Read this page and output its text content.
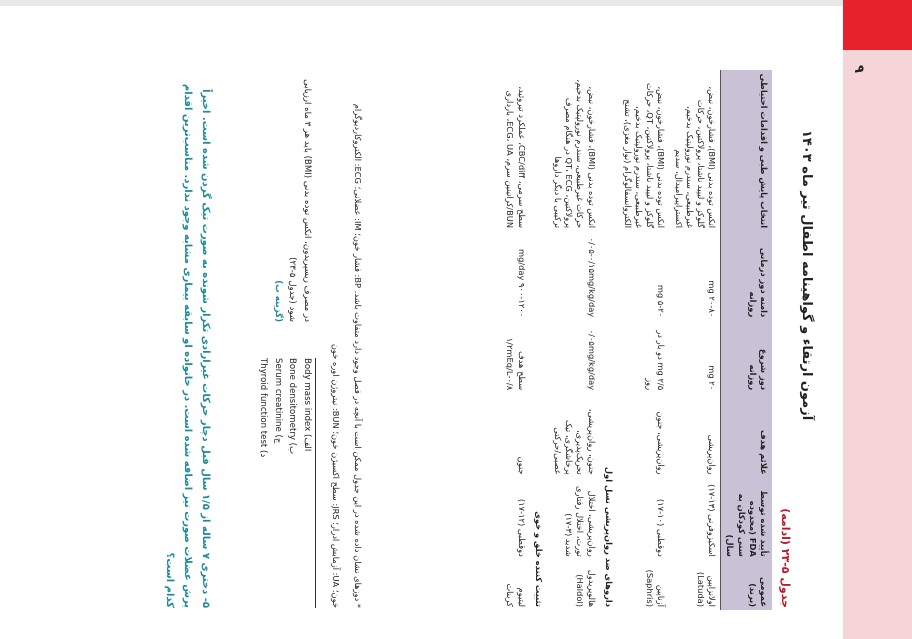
۹
آزمون ارتقاء و گواهینامه اطفال تیر ماه ۱۴۰۳
جدول ۵-۲۳ (ادامه)
عمومی (برند)	تأیید شده توسط FDA (محدوده سنی کودکان به سال)	علائم هدف	دوز شروع روزانه	دامنه دوز درمانی روزانه	انتخاب پایش طبی و اقدامات احتیاطی
اولانزاپین (Latuda)	اسکیزوفرنی (۱۳-۱۷)	روان‌پریشی	۲۰ mg	۲۰-۸۰ mg	انکس توده بدنی (BMI)، فشارخون، نبض، گلوکز و لیپید ناشتا، پرولاکتین، حرکات غیرطبیعی، سندرم نورولپتیک بدخیم، اکستراپیرامیدال، سدیم
آزناپین (Saphris)	دوقطبی (۱۰-۱۷)	روان‌پریشی، جنون	۲/۵ mg دو بار در روز	۵-۲۰ mg	انکس توده بدنی (BMI)، فشارخون، نبض، گلوکز و لیپید ناشتا، پرولاکتین، QT، حرکات غیرطبیعی، سندرم نورولپتیک بدخیم، الکتروانسفالوگرام (نوار مغزی)، تشنج
داروهای ضد روان‌پریشی نسل اول					
هالوپریدول (Haldol)	روان‌پریشی، اختلال تورت، اختلال رفتاری شدید (۳-۱۷)	جنون، روان‌پریشی، تحریک‌پذیری، پرخاشگری، تیک عصبی/حرکتی	۰/۰۵mg/kg/day	۰/۰۵-۰/۱۵mg/kg/day	انکس توده بدنی (BMI)، فشارخون، نبض، حرکات غیرطبیعی، سندرم نورولپتیک بدخیم، پرولاکتین، QT، ECG در هنگام مصرف ترکیبی با دیگر داروها
تثبیت کننده خلق و خوی					
لیتیوم کربنات	دوقطبی (۱۲-۱۷)	جنون	سطح هدف ۰/۸-۱/۲mEq/L	۹۰۰-۱۲۰۰ mg/day	سطح سرمی، CBC/diff، عملکرد تیروئید، BUN/کراتینین سرم، ECG، UA، بارداری
* دوزهای نشان داده شده در این جدول ممکن است با آنچه در فصل وجود دارد متفاوت باشد. BP: فشار خون؛ IM: عضلانی؛ ECG: الکتروکاردیوگرام
خون؛ UA: آزمایش ادرار؛ JRS: سطح اکسیژن خون؛ BUN: نیتروژن اوره خون
Body mass index (الف
Bone densitometry (ب
Serum creatinine (ج
Thyroid function test (د
در مصرف ریسپریدون، انکس توده بدنی (BMI) باید هر ۳ ماه ارزیابی شود (جدول ۵-۲۳)
(گزینه ب)
۵- دختری ۷ ساله از ۱/۵ سال قبل دچار حرکات غیرارادی تکرار شونده به صورت تیک گردن شده است. اخیراً پرش عضلات صورت نیز اضافه شده است. در خانواده او سابقه بیماری مشابه وجود ندارد. مناسب‌ترین اقدام کدام است؟
